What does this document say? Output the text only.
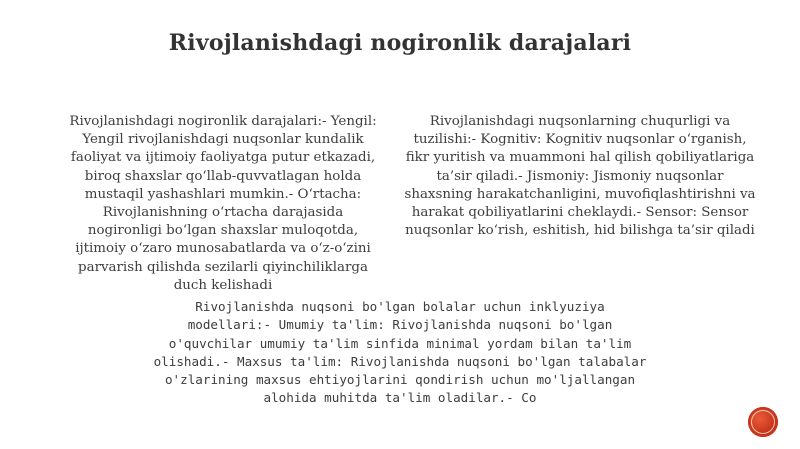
Rivojlanishdagi nogironlik darajalari
Rivojlanishdagi nogironlik darajalari:- Yengil: Yengil rivojlanishdagi nuqsonlar kundalik faoliyat va ijtimoiy faoliyatga putur etkazadi, biroq shaxslar qo‘llab-quvvatlagan holda mustaqil yashashlari mumkin.- O‘rtacha: Rivojlanishning o‘rtacha darajasida nogironligi bo‘lgan shaxslar muloqotda, ijtimoiy o‘zaro munosabatlarda va o‘z-o‘zini parvarish qilishda sezilarli qiyinchiliklarga duch kelishadi
Rivojlanishdagi nuqsonlarning chuqurligi va tuzilishi:- Kognitiv: Kognitiv nuqsonlar o‘rganish, fikr yuritish va muammoni hal qilish qobiliyatlariga ta’sir qiladi.- Jismoniy: Jismoniy nuqsonlar shaxsning harakatchanligini, muvofiqlashtirishni va harakat qobiliyatlarini cheklaydi.- Sensor: Sensor nuqsonlar ko‘rish, eshitish, hid bilishga ta’sir qiladi
Rivojlanishda nuqsoni bo'lgan bolalar uchun inklyuziya modellari:- Umumiy ta'lim: Rivojlanishda nuqsoni bo'lgan o'quvchilar umumiy ta'lim sinfida minimal yordam bilan ta'lim olishadi.- Maxsus ta'lim: Rivojlanishda nuqsoni bo'lgan talabalar o'zlarining maxsus ehtiyojlarini qondirish uchun mo'ljallangan alohida muhitda ta'lim oladilar.- Co
